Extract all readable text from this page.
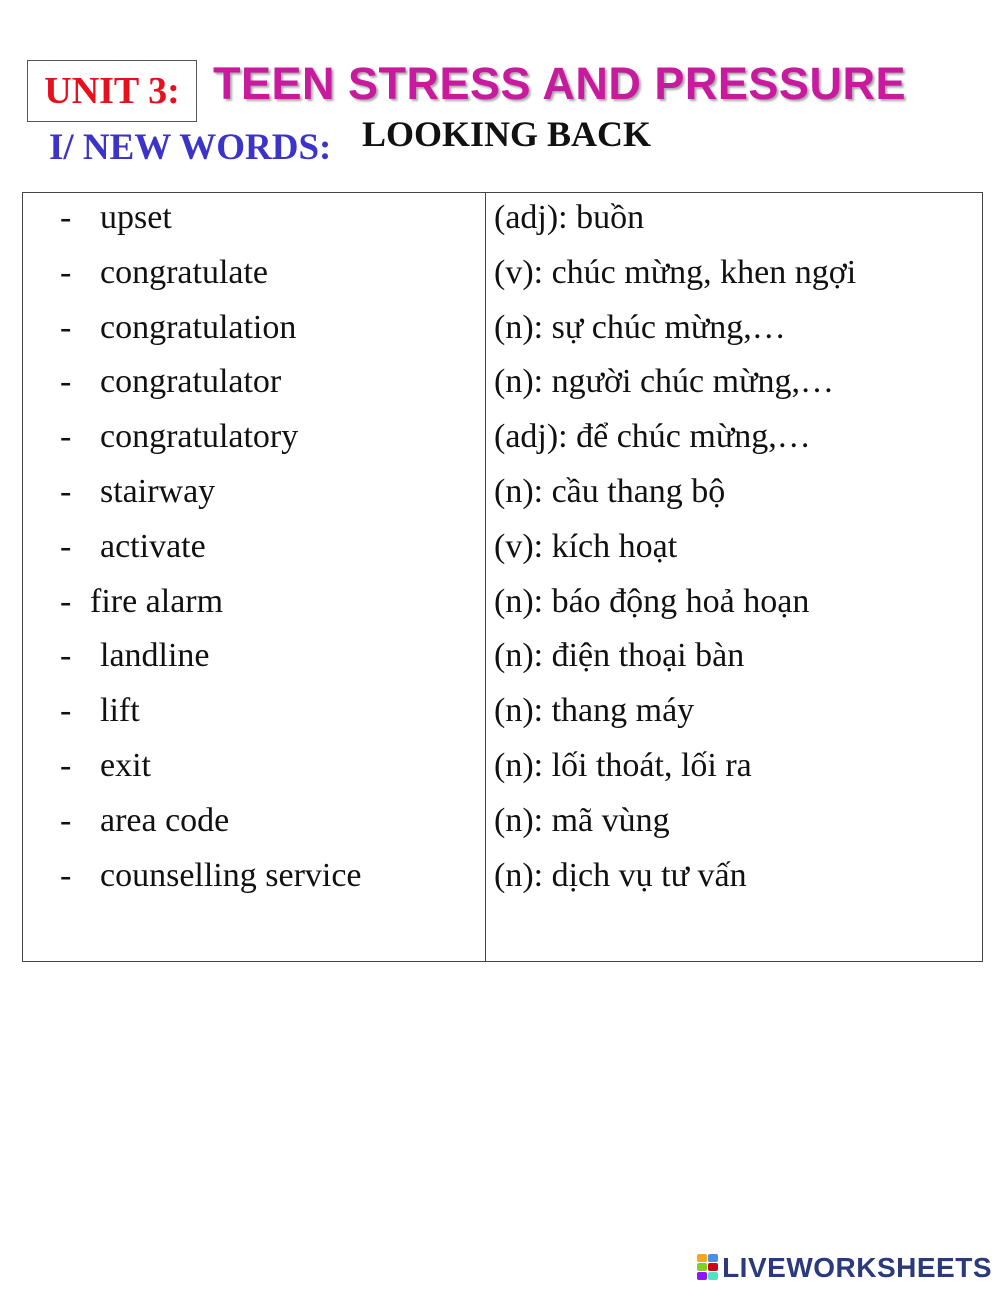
UNIT 3: TEEN STRESS AND PRESSURE
I/ NEW WORDS: LOOKING BACK
- upset
- congratulate
- congratulation
- congratulator
- congratulatory
- stairway
- activate
- fire alarm
- landline
- lift
- exit
- area code
- counselling service
(adj): buồn
(v): chúc mừng, khen ngợi
(n): sự chúc mừng,…
(n): người chúc mừng,…
(adj): để chúc mừng,…
(n): cầu thang bộ
(v): kích hoạt
(n): báo động hoả hoạn
(n): điện thoại bàn
(n): thang máy
(n): lối thoát, lối ra
(n): mã vùng
(n): dịch vụ tư vấn
LIVEWORKSHEETS
